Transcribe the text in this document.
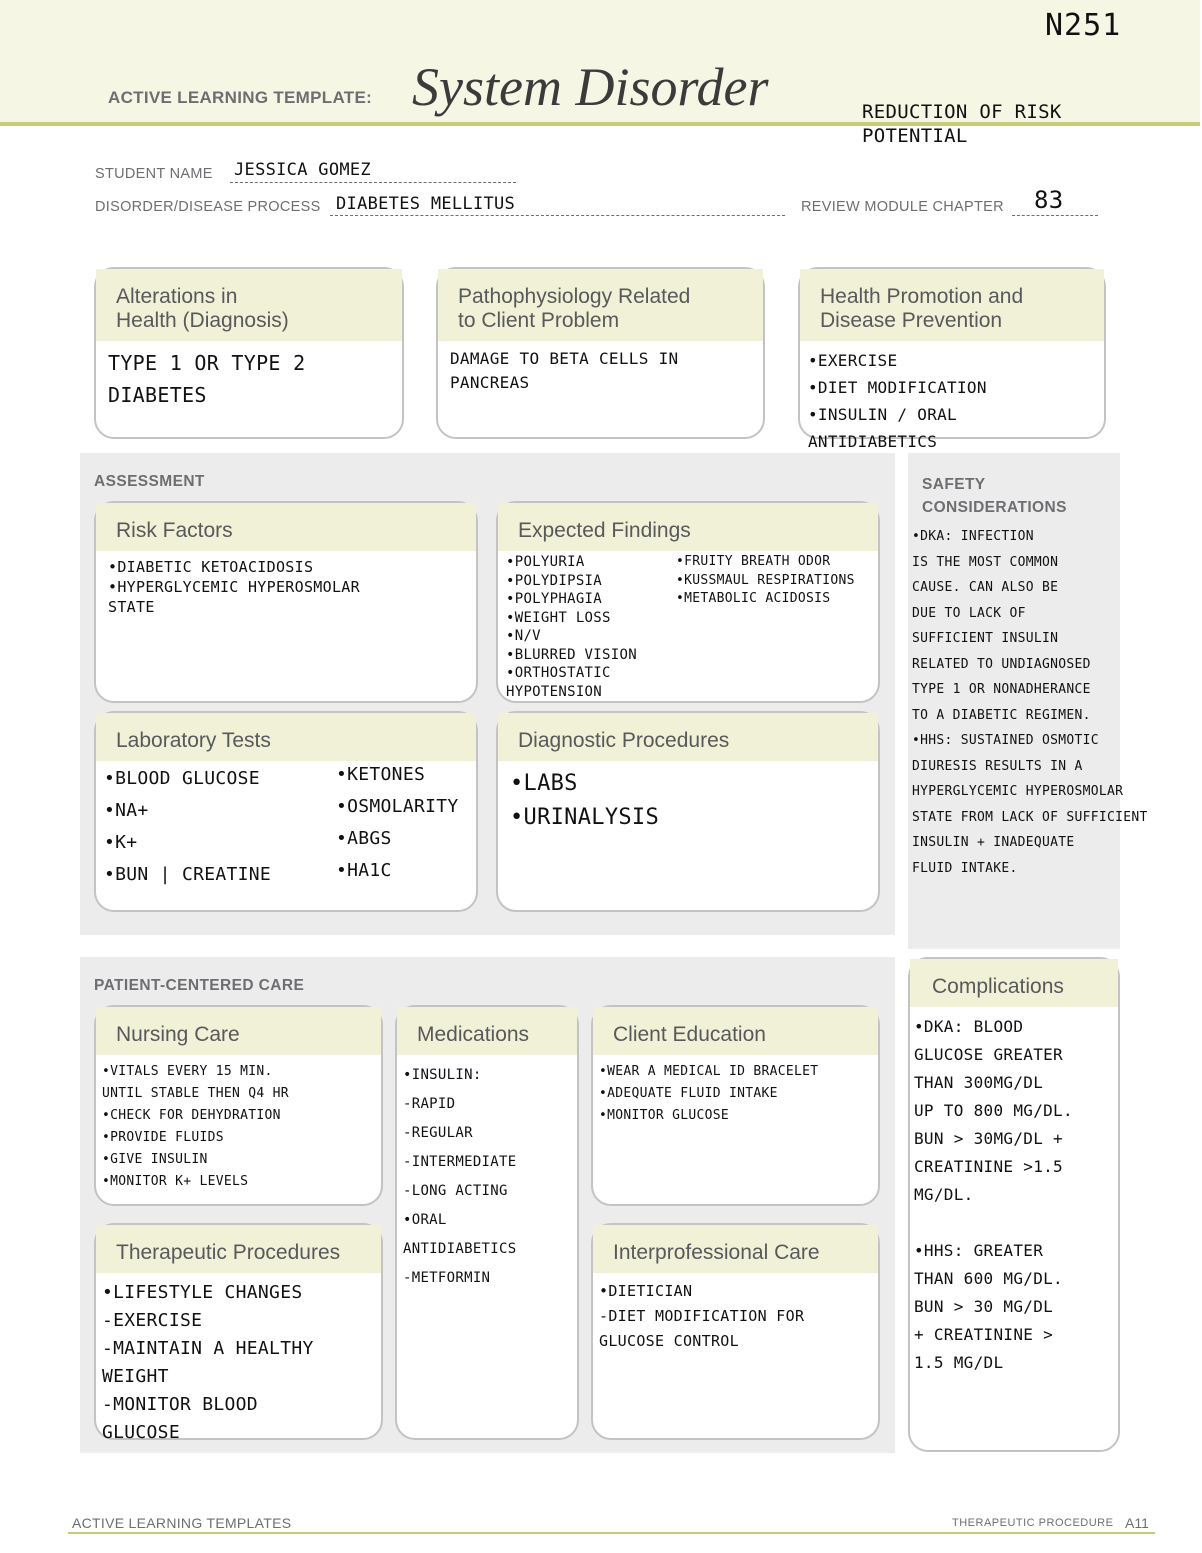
ACTIVE LEARNING TEMPLATE: System Disorder
N251
REDUCTION OF RISK
POTENTIAL
STUDENT NAME JESSICA GOMEZ
DISORDER/DISEASE PROCESS DIABETES MELLITUS	REVIEW MODULE CHAPTER 83
Alterations in
Health (Diagnosis)
TYPE 1 OR TYPE 2
DIABETES
Pathophysiology Related
to Client Problem
DAMAGE TO BETA CELLS IN
PANCREAS
Health Promotion and
Disease Prevention
•EXERCISE
•DIET MODIFICATION
•INSULIN / ORAL ANTIDIABETICS
ASSESSMENT
Risk Factors
•DIABETIC KETOACIDOSIS
•HYPERGLYCEMIC HYPEROSMOLAR
STATE
Expected Findings
•POLYURIA
•POLYDIPSIA
•POLYPHAGIA
•WEIGHT LOSS
•N/V
•BLURRED VISION
•ORTHOSTATIC HYPOTENSION
•FRUITY BREATH ODOR
•KUSSMAUL RESPIRATIONS
•METABOLIC ACIDOSIS
Laboratory Tests
•BLOOD GLUCOSE
•NA+
•K+
•BUN | CREATINE
•KETONES
•OSMOLARITY
•ABGS
•HA1C
Diagnostic Procedures
•LABS
•URINALYSIS
SAFETY
CONSIDERATIONS
•DKA: INFECTION
IS THE MOST COMMON
CAUSE. CAN ALSO BE
DUE TO LACK OF
SUFFICIENT INSULIN
RELATED TO UNDIAGNOSED
TYPE 1 OR NONADHERANCE
TO A DIABETIC REGIMEN.
•HHS: SUSTAINED OSMOTIC
DIURESIS RESULTS IN A
HYPERGLYCEMIC HYPEROSMOLAR
STATE FROM LACK OF SUFFICIENT
INSULIN + INADEQUATE
FLUID INTAKE.
PATIENT-CENTERED CARE
Nursing Care
•VITALS EVERY 15 MIN.
UNTIL STABLE THEN Q4 HR
•CHECK FOR DEHYDRATION
•PROVIDE FLUIDS
•GIVE INSULIN
•MONITOR K+ LEVELS
Medications
•INSULIN:
-RAPID
-REGULAR
-INTERMEDIATE
-LONG ACTING
•ORAL ANTIDIABETICS
-METFORMIN
Client Education
•WEAR A MEDICAL ID BRACELET
•ADEQUATE FLUID INTAKE
•MONITOR GLUCOSE
Therapeutic Procedures
•LIFESTYLE CHANGES
-EXERCISE
-MAINTAIN A HEALTHY
WEIGHT
-MONITOR BLOOD
GLUCOSE
Interprofessional Care
•DIETICIAN
-DIET MODIFICATION FOR
GLUCOSE CONTROL
Complications
•DKA: BLOOD
GLUCOSE GREATER
THAN 300MG/DL
UP TO 800 MG/DL.
BUN > 30MG/DL +
CREATININE >1.5
MG/DL.

•HHS: GREATER
THAN 600 MG/DL.
BUN > 30 MG/DL
+ CREATININE >
1.5 MG/DL
ACTIVE LEARNING TEMPLATES	THERAPEUTIC PROCEDURE A11
